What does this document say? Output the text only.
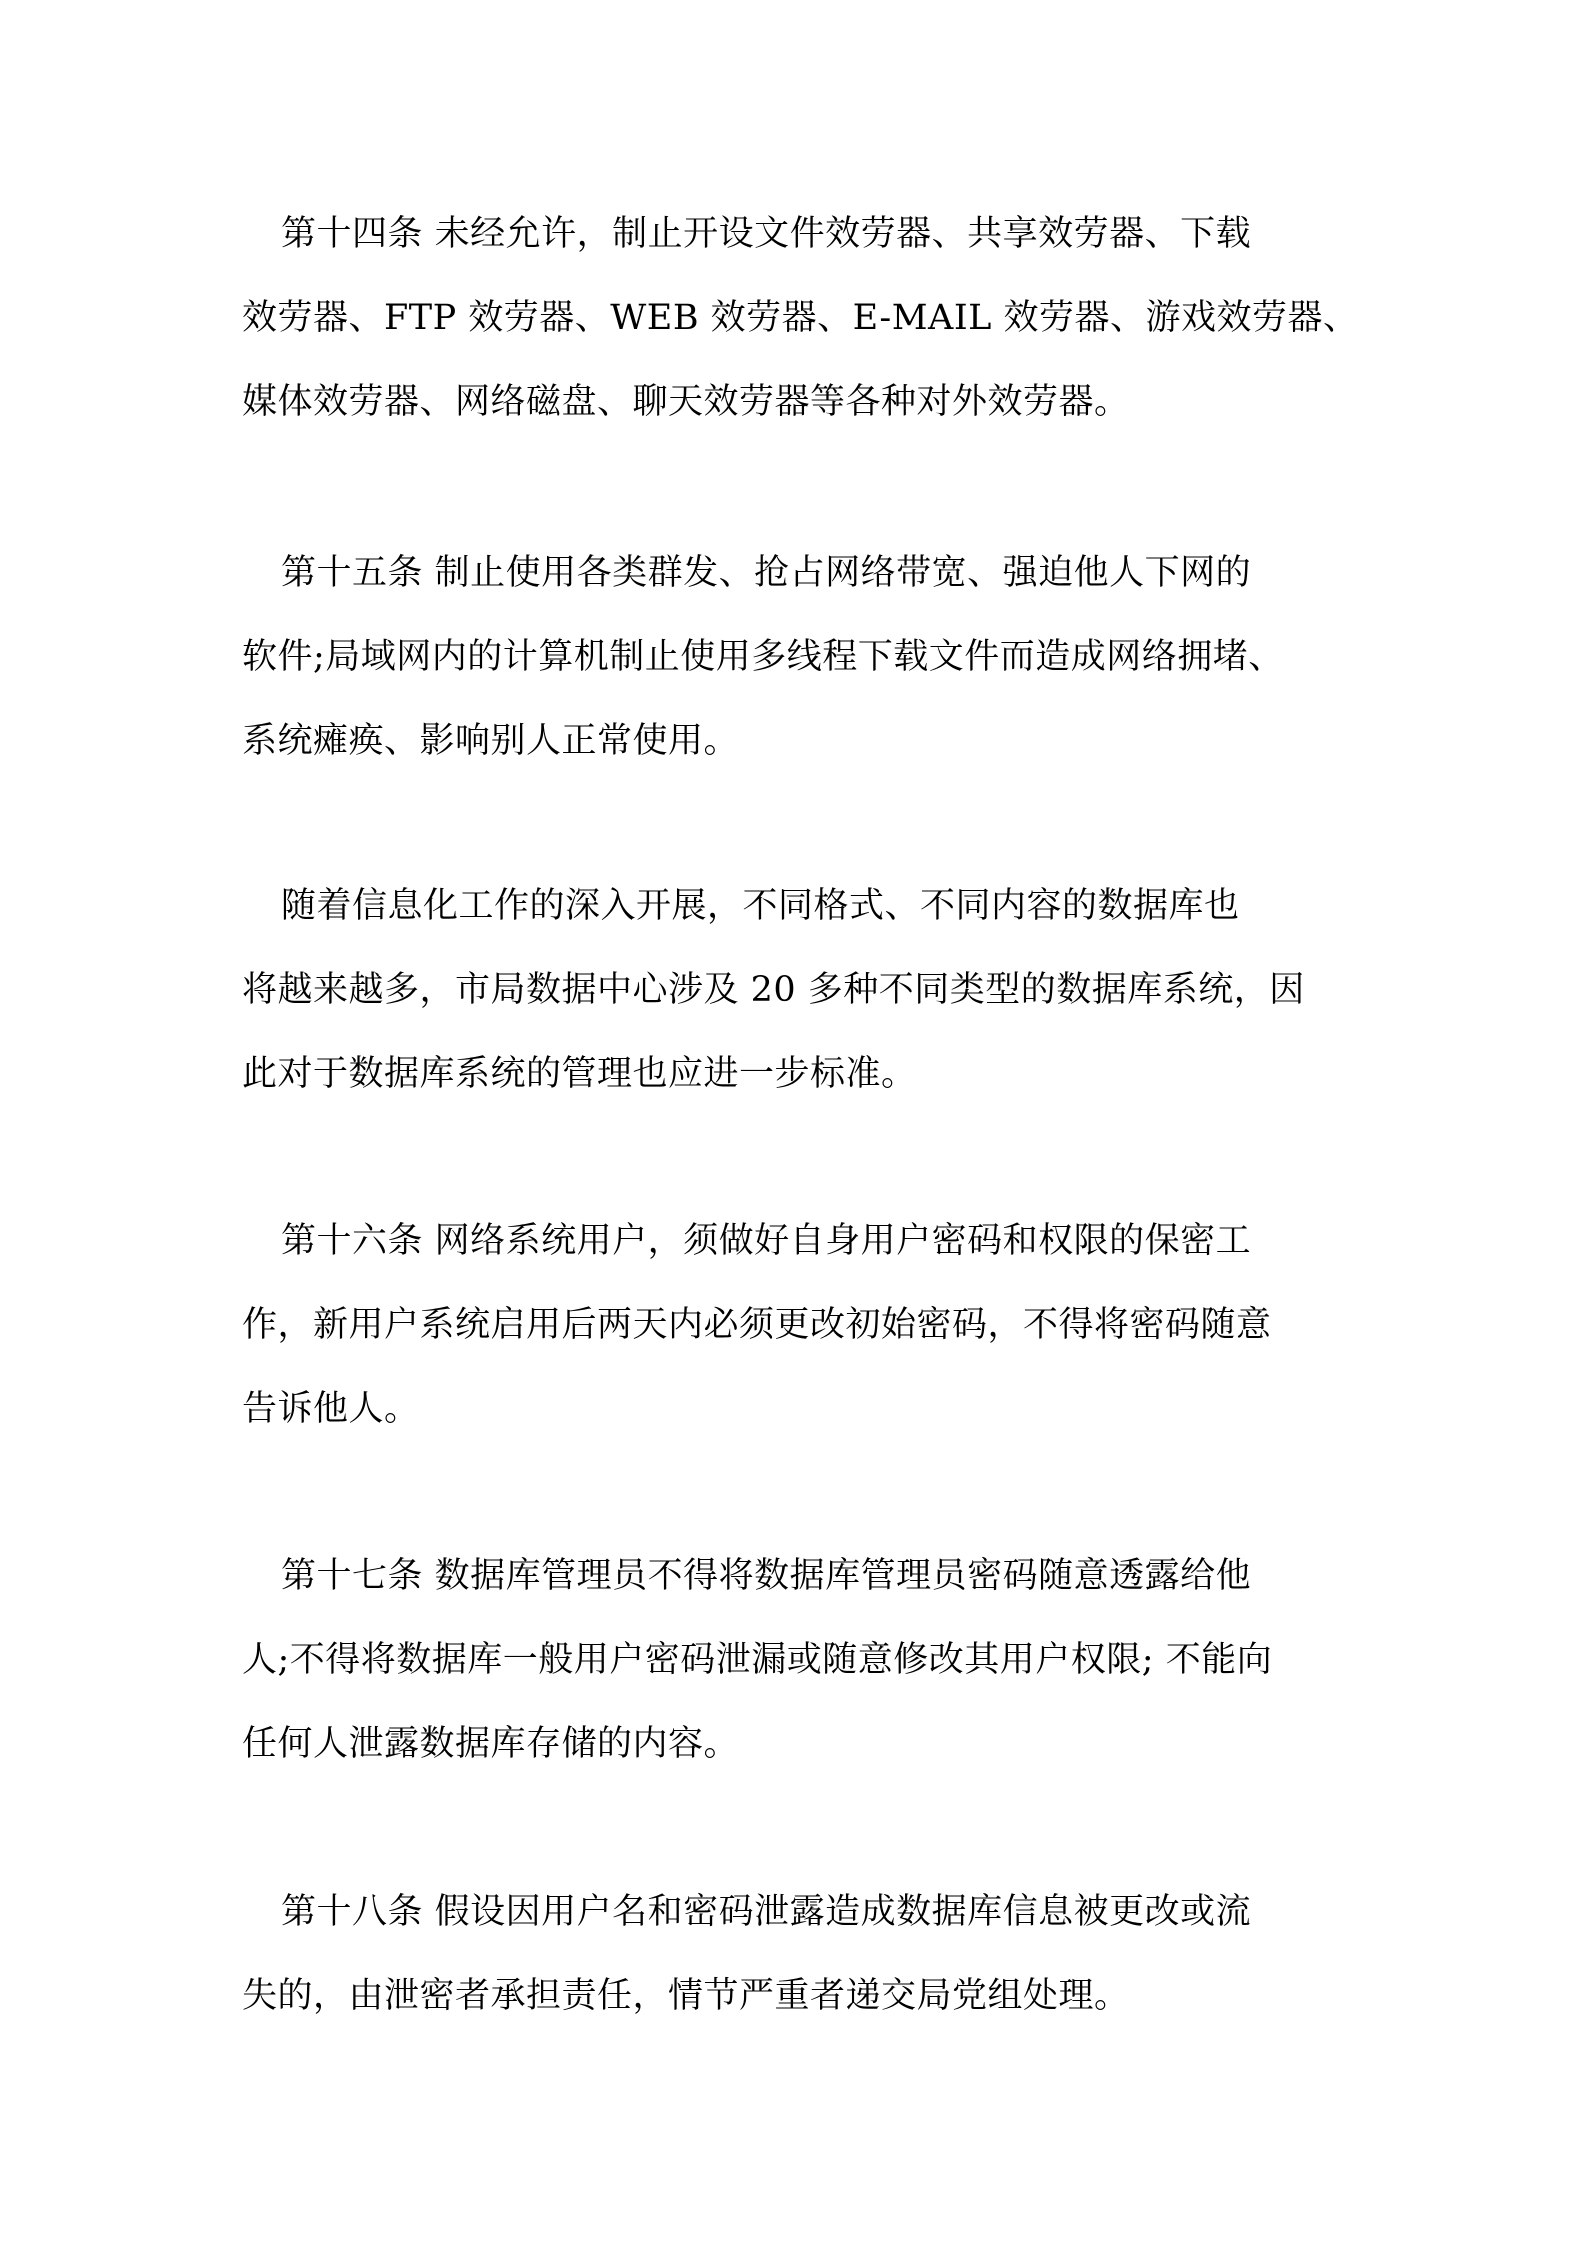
第十四条 未经允许，制止开设文件效劳器、共享效劳器、下载
效劳器、FTP 效劳器、WEB 效劳器、E-MAIL 效劳器、游戏效劳器、
媒体效劳器、网络磁盘、聊天效劳器等各种对外效劳器。
第十五条 制止使用各类群发、抢占网络带宽、强迫他人下网的
软件;局域网内的计算机制止使用多线程下载文件而造成网络拥堵、
系统瘫痪、影响别人正常使用。
随着信息化工作的深入开展，不同格式、不同内容的数据库也
将越来越多，市局数据中心涉及 20 多种不同类型的数据库系统，因
此对于数据库系统的管理也应进一步标准。
第十六条 网络系统用户，须做好自身用户密码和权限的保密工
作，新用户系统启用后两天内必须更改初始密码，不得将密码随意
告诉他人。
第十七条 数据库管理员不得将数据库管理员密码随意透露给他
人;不得将数据库一般用户密码泄漏或随意修改其用户权限; 不能向
任何人泄露数据库存储的内容。
第十八条 假设因用户名和密码泄露造成数据库信息被更改或流
失的，由泄密者承担责任，情节严重者递交局党组处理。
